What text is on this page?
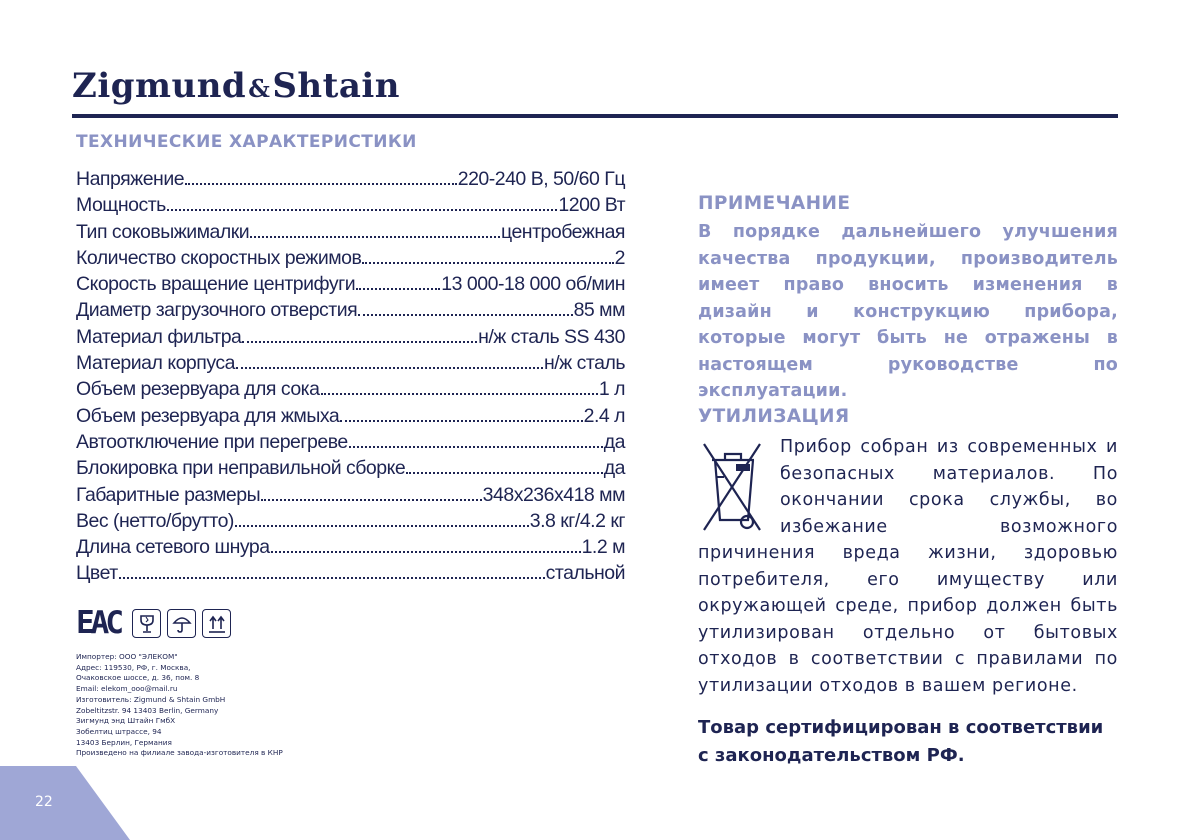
Zigmund&Shtain
ТЕХНИЧЕСКИЕ ХАРАКТЕРИСТИКИ
Напряжение	220-240 В, 50/60 Гц
Мощность	1200 Вт
Тип соковыжималки	центробежная
Количество скоростных режимов	2
Скорость вращение центрифуги	13 000-18 000 об/мин
Диаметр загрузочного отверстия	85 мм
Материал фильтра	н/ж сталь SS 430
Материал корпуса	н/ж сталь
Объем резервуара для сока	1 л
Объем резервуара для жмыха	2.4 л
Автоотключение при перегреве	да
Блокировка при неправильной сборке	да
Габаритные размеры	348x236x418 мм
Вес (нетто/брутто)	3.8 кг/4.2 кг
Длина сетевого шнура	1.2 м
Цвет	стальной
EAC
Импортер: ООО "ЭЛЕКОМ"
Адрес: 119530, РФ, г. Москва,
Очаковское шоссе, д. 36, пом. 8
Email: elekom_ooo@mail.ru
Изготовитель: Zigmund & Shtain GmbH
Zobeltitzstr. 94 13403 Berlin, Germany
Зигмунд энд Штайн ГмбХ
Зобелтиц штрассе, 94
13403 Берлин, Германия
Произведено на филиале завода-изготовителя в КНР
22
ПРИМЕЧАНИЕ
В порядке дальнейшего улучшения качества продукции, производитель имеет право вносить изменения в дизайн и конструкцию прибора, которые могут быть не отражены в настоящем руководстве по эксплуатации.
УТИЛИЗАЦИЯ

Прибор собран из современных и безопасных материалов. По окончании срока службы, во избежание возможного причинения вреда жизни, здоровью потребителя, его имуществу или окружающей среде, прибор должен быть утилизирован отдельно от бытовых отходов в соответствии с правилами по утилизации отходов в вашем регионе.

Товар сертифицирован в соответствии
с законодательством РФ.
